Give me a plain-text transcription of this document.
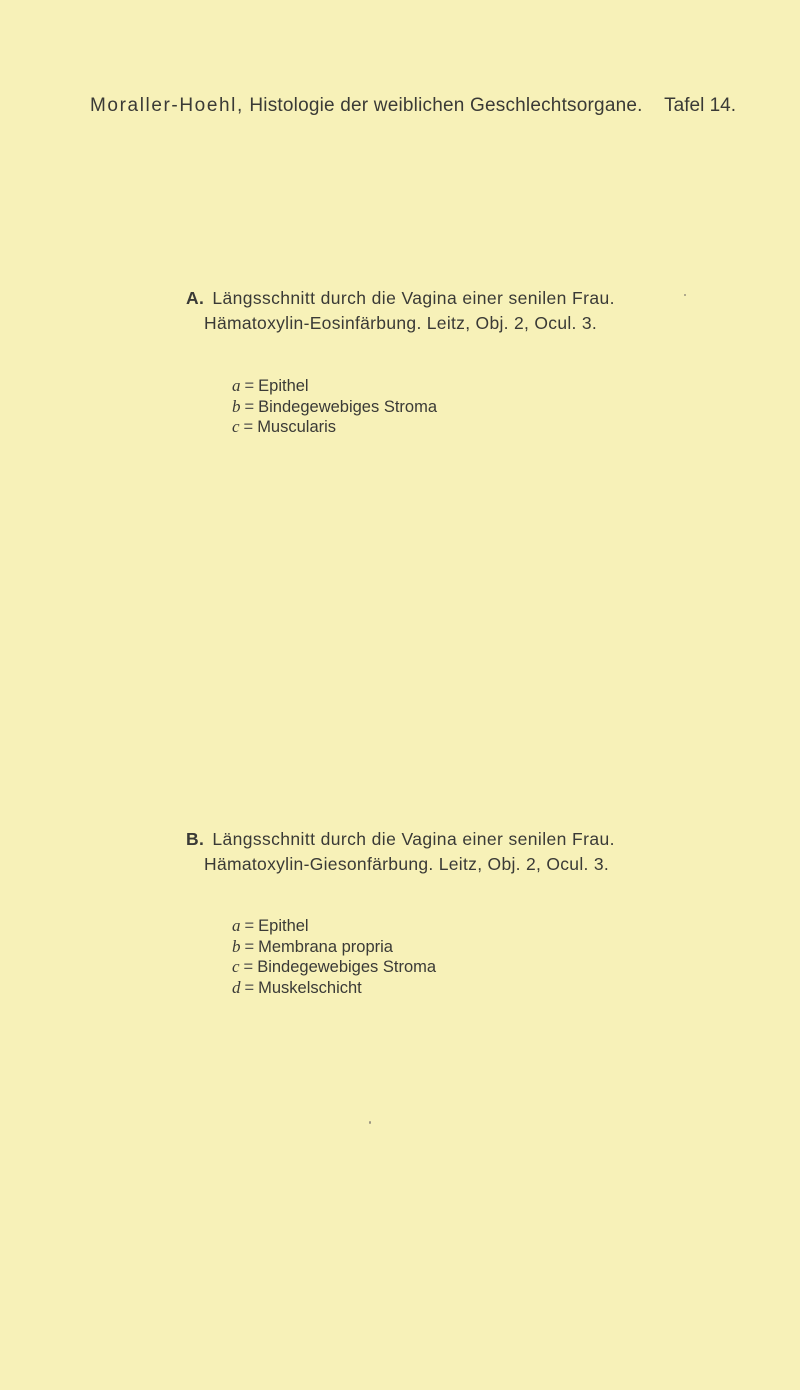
Moraller-Hoehl, Histologie der weiblichen Geschlechtsorgane. Tafel 14.
A. Längsschnitt durch die Vagina einer senilen Frau.
Hämatoxylin-Eosinfärbung. Leitz, Obj. 2, Ocul. 3.
a = Epithel
b = Bindegewebiges Stroma
c = Muscularis
B. Längsschnitt durch die Vagina einer senilen Frau.
Hämatoxylin-Giesonfärbung. Leitz, Obj. 2, Ocul. 3.
a = Epithel
b = Membrana propria
c = Bindegewebiges Stroma
d = Muskelschicht
